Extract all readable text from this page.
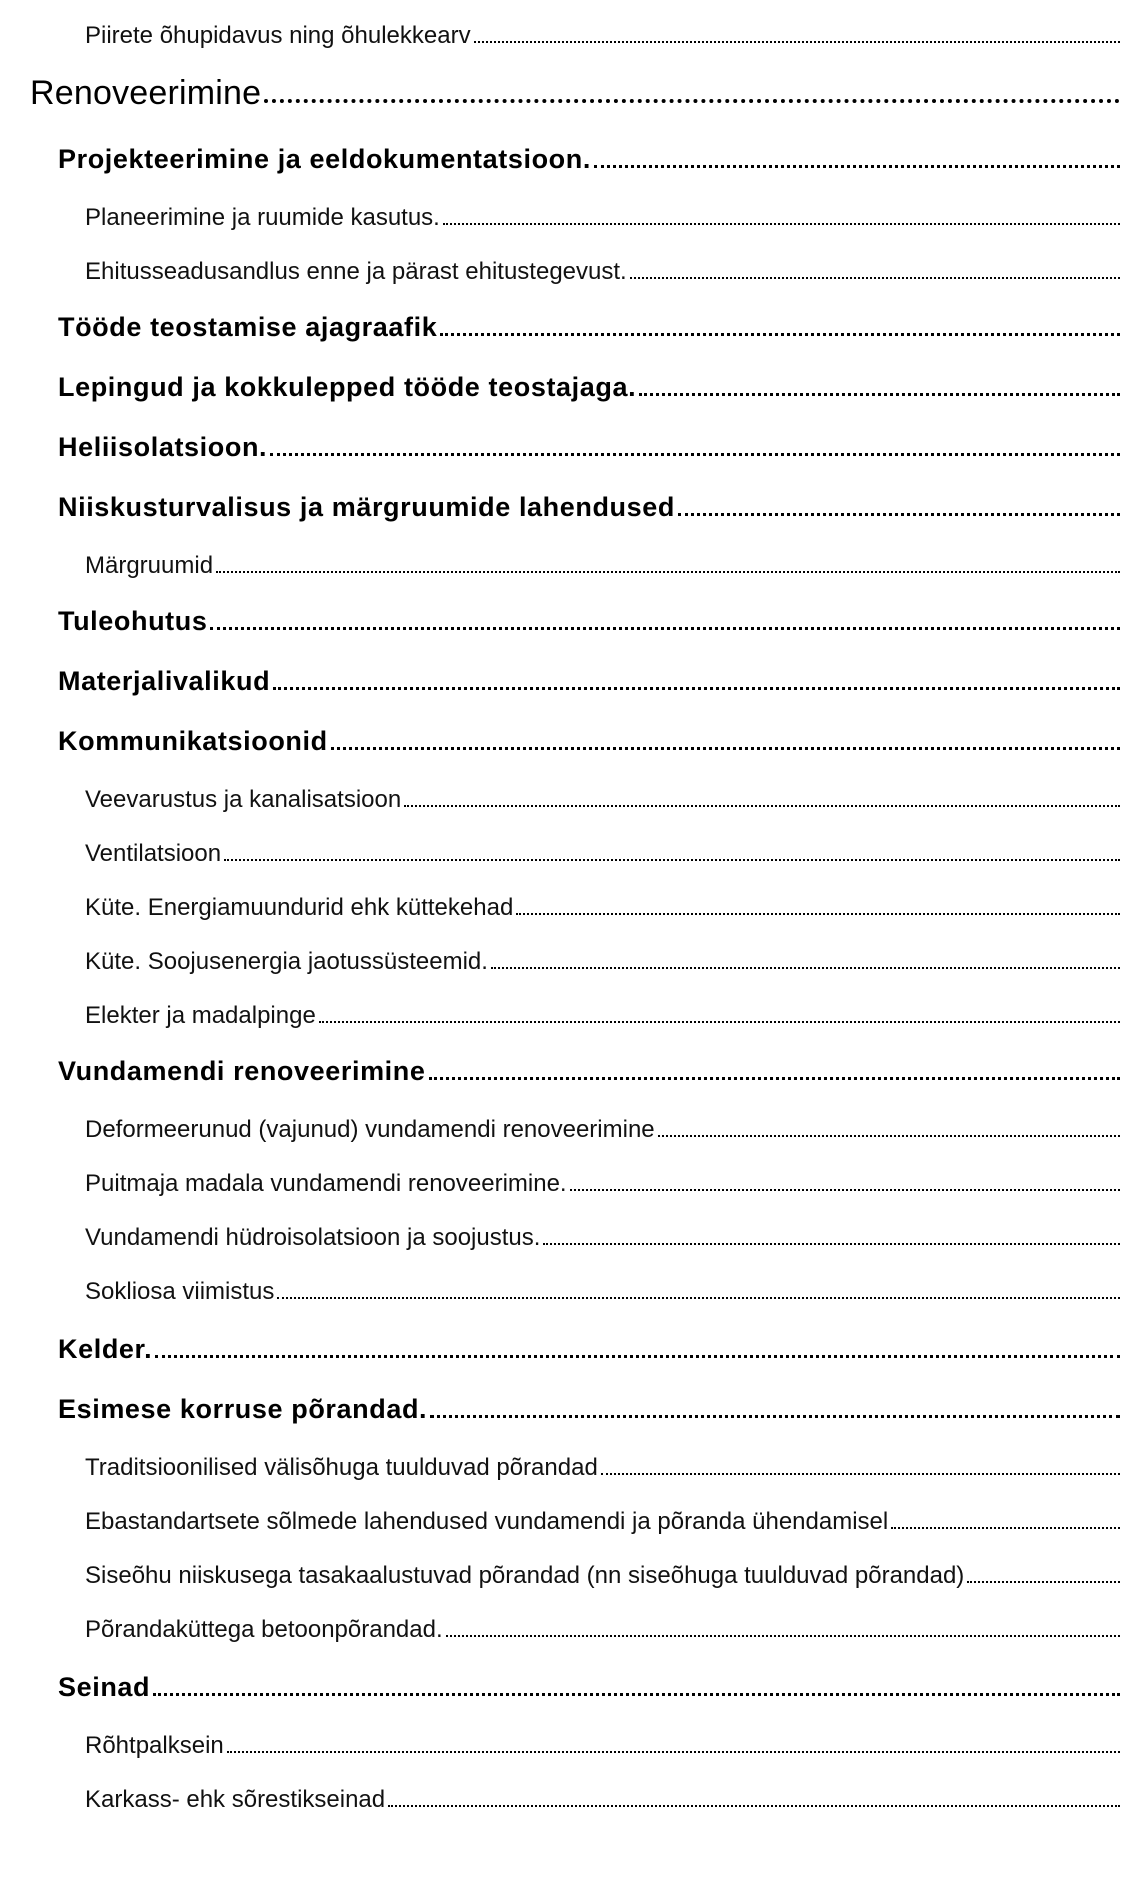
Piirete õhupidavus ning õhulekkearv
Renoveerimine
Projekteerimine ja eeldokumentatsioon.
Planeerimine ja ruumide kasutus.
Ehitusseadusandlus enne ja pärast ehitustegevust.
Tööde teostamise ajagraafik
Lepingud ja kokkulepped tööde teostajaga.
Heliisolatsioon.
Niiskusturvalisus ja märgruumide lahendused
Märgruumid
Tuleohutus
Materjalivalikud
Kommunikatsioonid
Veevarustus ja kanalisatsioon
Ventilatsioon
Küte. Energiamuundurid ehk küttekehad
Küte. Soojusenergia jaotussüsteemid.
Elekter ja madalpinge
Vundamendi renoveerimine
Deformeerunud (vajunud) vundamendi renoveerimine
Puitmaja madala vundamendi renoveerimine.
Vundamendi hüdroisolatsioon ja soojustus.
Sokliosa viimistus
Kelder.
Esimese korruse põrandad.
Traditsioonilised välisõhuga tuulduvad põrandad
Ebastandartsete sõlmede lahendused vundamendi ja põranda ühendamisel
Siseõhu niiskusega tasakaalustuvad põrandad (nn siseõhuga tuulduvad põrandad)
Põrandaküttega betoonpõrandad.
Seinad
Rõhtpalksein
Karkass- ehk sõrestikseinad
